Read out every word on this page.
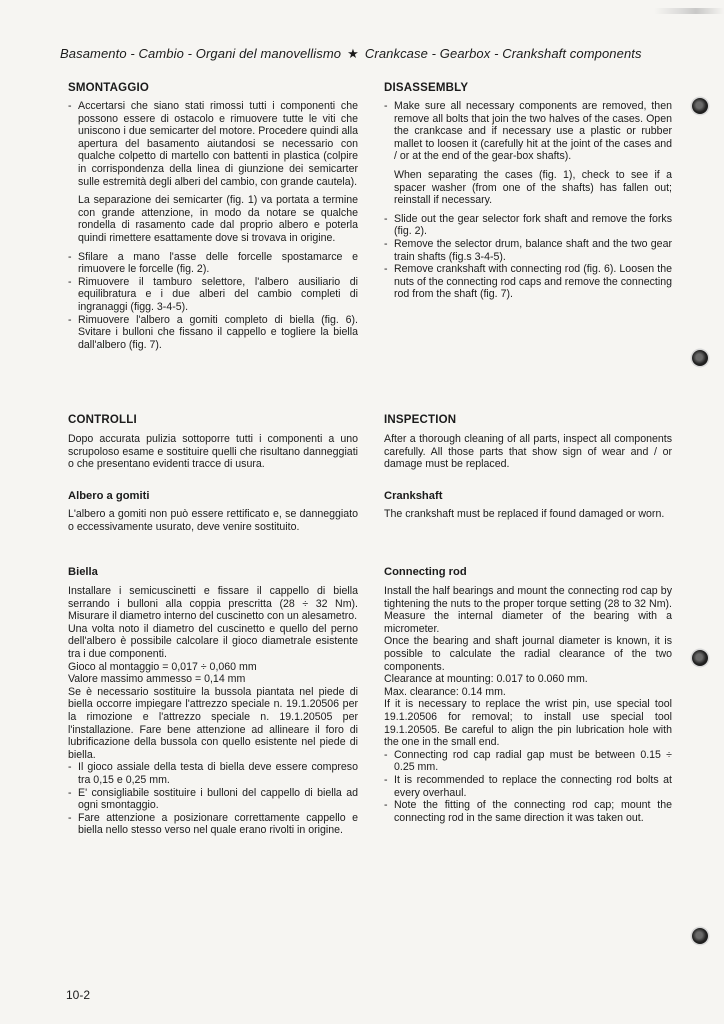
Basamento - Cambio - Organi del manovellismo ★ Crankcase - Gearbox - Crankshaft components
SMONTAGGIO
- Accertarsi che siano stati rimossi tutti i componenti che possono essere di ostacolo e rimuovere tutte le viti che uniscono i due semicarter del motore. Procedere quindi alla apertura del basamento aiutandosi se necessario con qualche colpetto di martello con battenti in plastica (colpire in corrispondenza della linea di giunzione dei semicarter sulle estremità degli alberi del cambio, con grande cautela).

La separazione dei semicarter (fig. 1) va portata a termine con grande attenzione, in modo da notare se qualche rondella di rasamento cade dal proprio albero e poterla quindi rimettere esattamente dove si trovava in origine.

- Sfilare a mano l'asse delle forcelle spostamarce e rimuovere le forcelle (fig. 2).
- Rimuovere il tamburo selettore, l'albero ausiliario di equilibratura e i due alberi del cambio completi di ingranaggi (figg. 3-4-5).
- Rimuovere l'albero a gomiti completo di biella (fig. 6). Svitare i bulloni che fissano il cappello e togliere la biella dall'albero (fig. 7).
CONTROLLI

Dopo accurata pulizia sottoporre tutti i componenti a uno scrupoloso esame e sostituire quelli che risultano danneggiati o che presentano evidenti tracce di usura.

Albero a gomiti

L'albero a gomiti non può essere rettificato e, se danneggiato o eccessivamente usurato, deve venire sostituito.

Biella

Installare i semicuscinetti e fissare il cappello di biella serrando i bulloni alla coppia prescritta (28 ÷ 32 Nm). Misurare il diametro interno del cuscinetto con un alesametro.

Una volta noto il diametro del cuscinetto e quello del perno dell'albero è possibile calcolare il gioco diametrale esistente tra i due componenti.

Gioco al montaggio = 0,017 ÷ 0,060 mm

Valore massimo ammesso = 0,14 mm

Se è necessario sostituire la bussola piantata nel piede di biella occorre impiegare l'attrezzo speciale n. 19.1.20506 per la rimozione e l'attrezzo speciale n. 19.1.20505 per l'installazione. Fare bene attenzione ad allineare il foro di lubrificazione della bussola con quello esistente nel piede di biella.

- Il gioco assiale della testa di biella deve essere compreso tra 0,15 e 0,25 mm.
- E' consigliabile sostituire i bulloni del cappello di biella ad ogni smontaggio.
- Fare attenzione a posizionare correttamente cappello e biella nello stesso verso nel quale erano rivolti in origine.
DISASSEMBLY
- Make sure all necessary components are removed, then remove all bolts that join the two halves of the cases. Open the crankcase and if necessary use a plastic or rubber mallet to loosen it (carefully hit at the joint of the cases and / or at the end of the gear-box shafts).

When separating the cases (fig. 1), check to see if a spacer washer (from one of the shafts) has fallen out; reinstall if necessary.

- Slide out the gear selector fork shaft and remove the forks (fig. 2).
- Remove the selector drum, balance shaft and the two gear train shafts (fig.s 3-4-5).
- Remove crankshaft with connecting rod (fig. 6). Loosen the nuts of the connecting rod caps and remove the connecting rod from the shaft (fig. 7).
INSPECTION

After a thorough cleaning of all parts, inspect all components carefully. All those parts that show sign of wear and / or damage must be replaced.

Crankshaft

The crankshaft must be replaced if found damaged or worn.

Connecting rod

Install the half bearings and mount the connecting rod cap by tightening the nuts to the proper torque setting (28 to 32 Nm). Measure the internal diameter of the bearing with a micrometer.

Once the bearing and shaft journal diameter is known, it is possible to calculate the radial clearance of the two components.

Clearance at mounting: 0.017 to 0.060 mm.

Max. clearance: 0.14 mm.

If it is necessary to replace the wrist pin, use special tool 19.1.20506 for removal; to install use special tool 19.1.20505. Be careful to align the pin lubrication hole with the one in the small end.

- Connecting rod cap radial gap must be between 0.15 ÷ 0.25 mm.
- It is recommended to replace the connecting rod bolts at every overhaul.
- Note the fitting of the connecting rod cap; mount the connecting rod in the same direction it was taken out.
10-2
